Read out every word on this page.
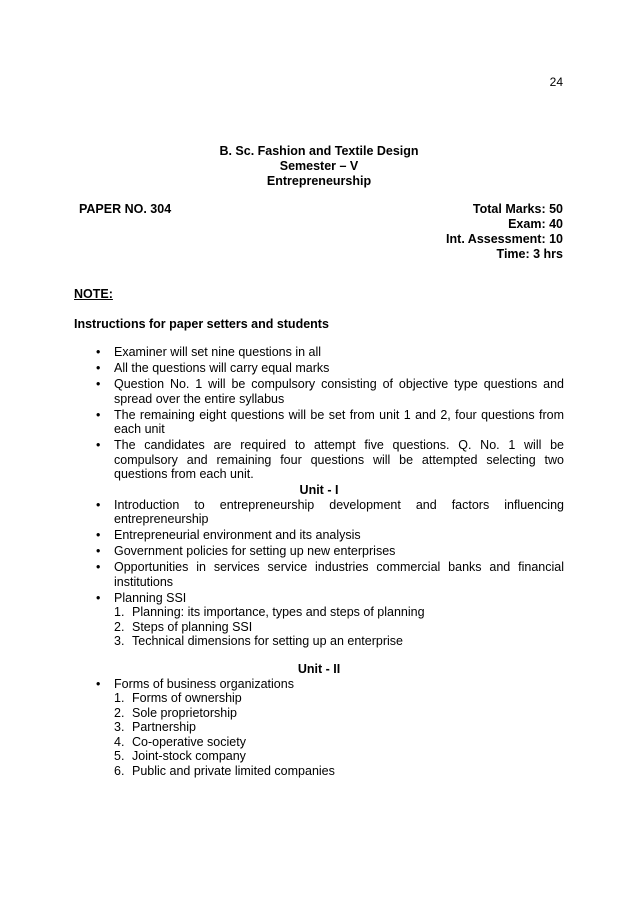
24
B. Sc. Fashion and Textile Design
Semester – V
Entrepreneurship
PAPER NO. 304	Total Marks: 50
Exam: 40
Int. Assessment: 10
Time: 3 hrs
NOTE:
Instructions for paper setters and students
• Examiner will set nine questions in all
• All the questions will carry equal marks
• Question No. 1 will be compulsory consisting of objective type questions and spread over the entire syllabus
• The remaining eight questions will be set from unit 1 and 2, four questions from each unit
• The candidates are required to attempt five questions. Q. No. 1 will be compulsory and remaining four questions will be attempted selecting two questions from each unit.
Unit - I
• Introduction to entrepreneurship development and factors influencing entrepreneurship
• Entrepreneurial environment and its analysis
• Government policies for setting up new enterprises
• Opportunities in services service industries commercial banks and financial institutions
• Planning SSI
1. Planning: its importance, types and steps of planning
2. Steps of planning SSI
3. Technical dimensions for setting up an enterprise
Unit - II
• Forms of business organizations
1. Forms of ownership
2. Sole proprietorship
3. Partnership
4. Co-operative society
5. Joint-stock company
6. Public and private limited companies
